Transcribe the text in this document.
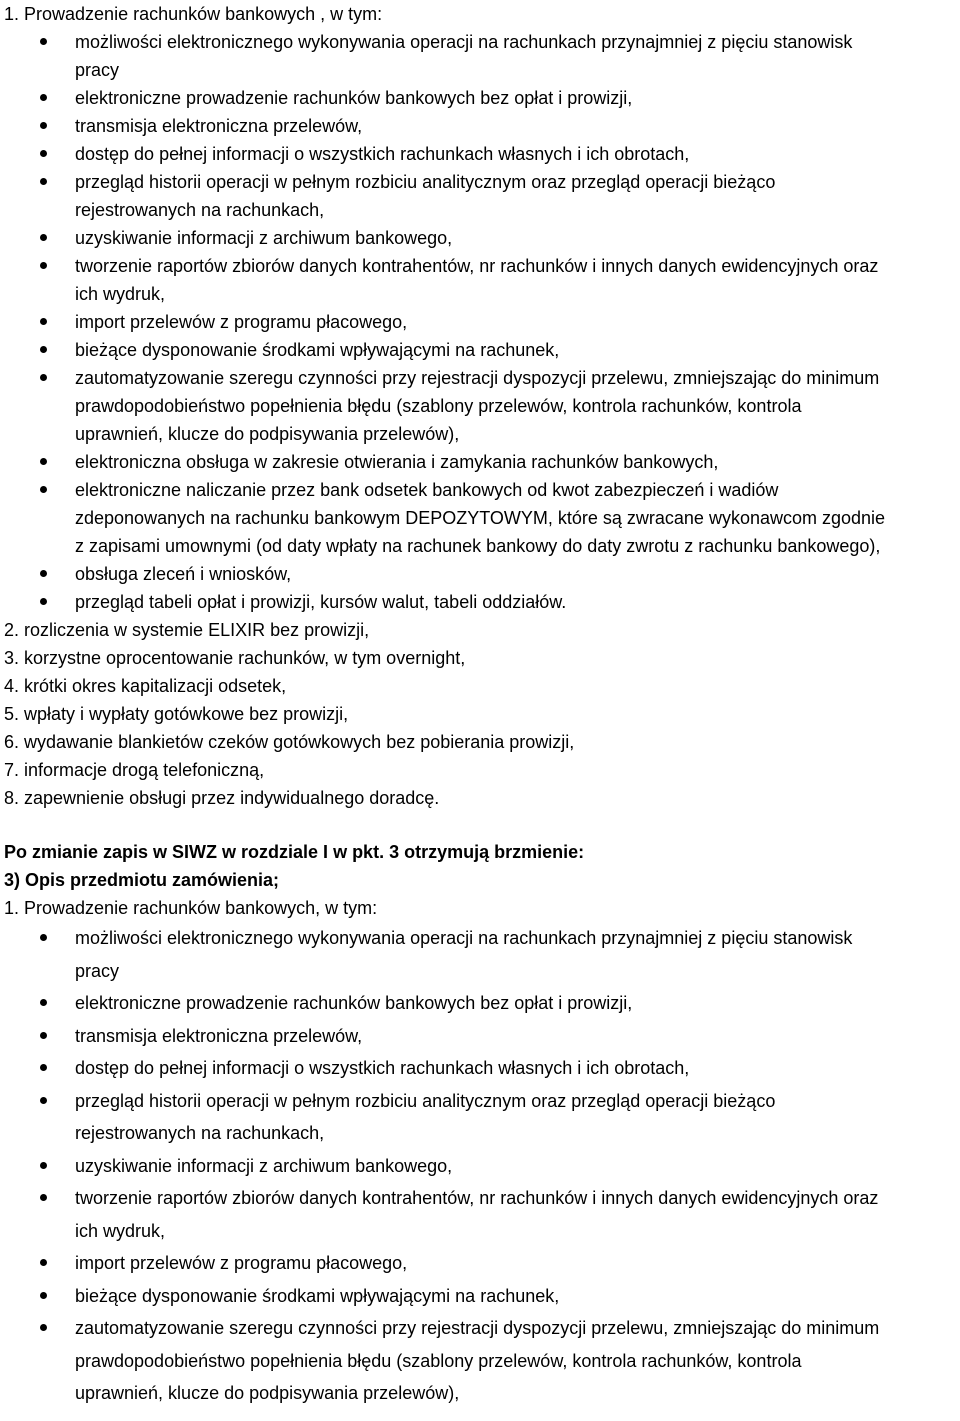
1. Prowadzenie rachunków bankowych , w tym:

możliwości elektronicznego wykonywania operacji na rachunkach przynajmniej z pięciu stanowisk
pracy
elektroniczne prowadzenie rachunków bankowych bez opłat i prowizji,
transmisja elektroniczna przelewów,
dostęp do pełnej informacji o wszystkich rachunkach własnych i ich obrotach,
przegląd historii operacji w pełnym rozbiciu analitycznym oraz przegląd operacji bieżąco
rejestrowanych na rachunkach,
uzyskiwanie informacji z archiwum bankowego,
tworzenie raportów zbiorów danych kontrahentów, nr rachunków i innych danych ewidencyjnych oraz
ich wydruk,
import przelewów z programu płacowego,
bieżące dysponowanie środkami wpływającymi na rachunek,
zautomatyzowanie szeregu czynności przy rejestracji dyspozycji przelewu, zmniejszając do minimum
prawdopodobieństwo popełnienia błędu (szablony przelewów, kontrola rachunków, kontrola
uprawnień, klucze do podpisywania przelewów),
elektroniczna obsługa w zakresie otwierania i zamykania rachunków bankowych,
elektroniczne naliczanie przez bank odsetek bankowych od kwot zabezpieczeń i wadiów
zdeponowanych na rachunku bankowym DEPOZYTOWYM, które są zwracane wykonawcom zgodnie
z zapisami umownymi (od daty wpłaty na rachunek bankowy do daty zwrotu z rachunku bankowego),
obsługa zleceń i wniosków,
przegląd tabeli opłat i prowizji, kursów walut, tabeli oddziałów.

2. rozliczenia w systemie ELIXIR bez prowizji,

3. korzystne oprocentowanie rachunków, w tym overnight,

4. krótki okres kapitalizacji odsetek,

5. wpłaty i wypłaty gotówkowe bez prowizji,

6. wydawanie blankietów czeków gotówkowych bez pobierania prowizji,

7. informacje drogą telefoniczną,

8. zapewnienie obsługi przez indywidualnego doradcę.

Po zmianie zapis w SIWZ w rozdziale I w pkt. 3 otrzymują brzmienie:

3) Opis przedmiotu zamówienia;

1. Prowadzenie rachunków bankowych, w tym:

możliwości elektronicznego wykonywania operacji na rachunkach przynajmniej z pięciu stanowisk
pracy
elektroniczne prowadzenie rachunków bankowych bez opłat i prowizji,
transmisja elektroniczna przelewów,
dostęp do pełnej informacji o wszystkich rachunkach własnych i ich obrotach,
przegląd historii operacji w pełnym rozbiciu analitycznym oraz przegląd operacji bieżąco
rejestrowanych na rachunkach,
uzyskiwanie informacji z archiwum bankowego,
tworzenie raportów zbiorów danych kontrahentów, nr rachunków i innych danych ewidencyjnych oraz
ich wydruk,
import przelewów z programu płacowego,
bieżące dysponowanie środkami wpływającymi na rachunek,
zautomatyzowanie szeregu czynności przy rejestracji dyspozycji przelewu, zmniejszając do minimum
prawdopodobieństwo popełnienia błędu (szablony przelewów, kontrola rachunków, kontrola
uprawnień, klucze do podpisywania przelewów),
